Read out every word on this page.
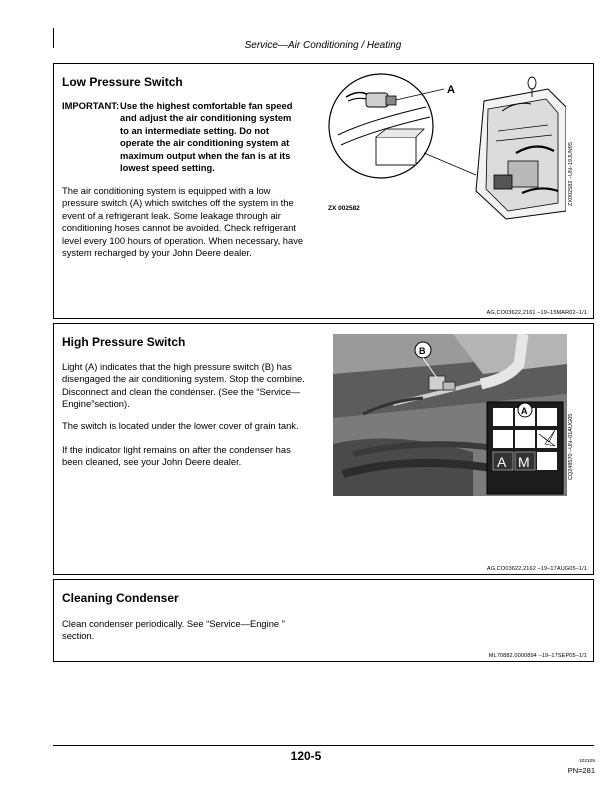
Service—Air Conditioning / Heating
Low Pressure Switch
IMPORTANT: Use the highest comfortable fan speed
and adjust the air conditioning system
to an intermediate setting. Do not
operate the air conditioning system at
maximum output when the fan is at its
lowest speed setting.
The air conditioning system is equipped with a low
pressure switch (A) which switches off the system in the
event of a refrigerant leak. Some leakage through air
conditioning hoses cannot be avoided. Check refrigerant
level every 100 hours of operation. When necessary, have
system recharged by your John Deere dealer.
A
ZX 002582
ZX002582 –UN–19JUN95
AG,CO03622,2161 –19–15MAR02–1/1
High Pressure Switch
Light (A) indicates that the high pressure switch (B) has
disengaged the air conditioning system. Stop the combine.
Disconnect and clean the condenser. (See the “Service—
Engine”section).
The switch is located under the lower cover of grain tank.
If the indicator light remains on after the condenser has
been cleaned, see your John Deere dealer.
B
A M
A
CQ248570 –UN–01AUG05
AG,CO03622,2162 –19–17AUG05–1/1
Cleaning Condenser
Clean condenser periodically. See “Service—Engine ”
section.
ML70882,0000894 –19–17SEP05–1/1
120-5	102105
PN=281
